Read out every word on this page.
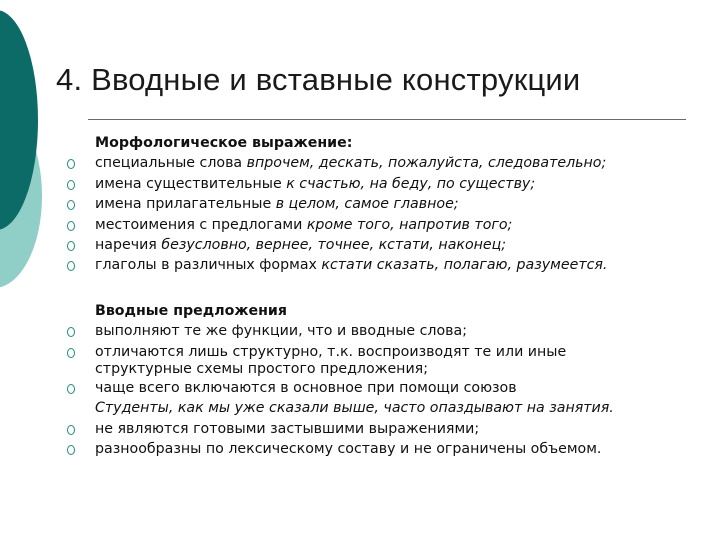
4. Вводные и вставные конструкции
Морфологическое выражение:
специальные слова впрочем, дескать, пожалуйста, следовательно;
имена существительные к счастью, на беду, по существу;
имена прилагательные в целом, самое главное;
местоимения с предлогами кроме того, напротив того;
наречия безусловно, вернее, точнее, кстати, наконец;
глаголы в различных формах кстати сказать, полагаю, разумеется.
Вводные предложения
выполняют те же функции, что и вводные слова;
отличаются лишь структурно, т.к. воспроизводят те или иные
структурные схемы простого предложения;
чаще всего включаются в основное при помощи союзов
Студенты, как мы уже сказали выше, часто опаздывают на занятия.
не являются готовыми застывшими выражениями;
разнообразны по лексическому составу и не ограничены объемом.
